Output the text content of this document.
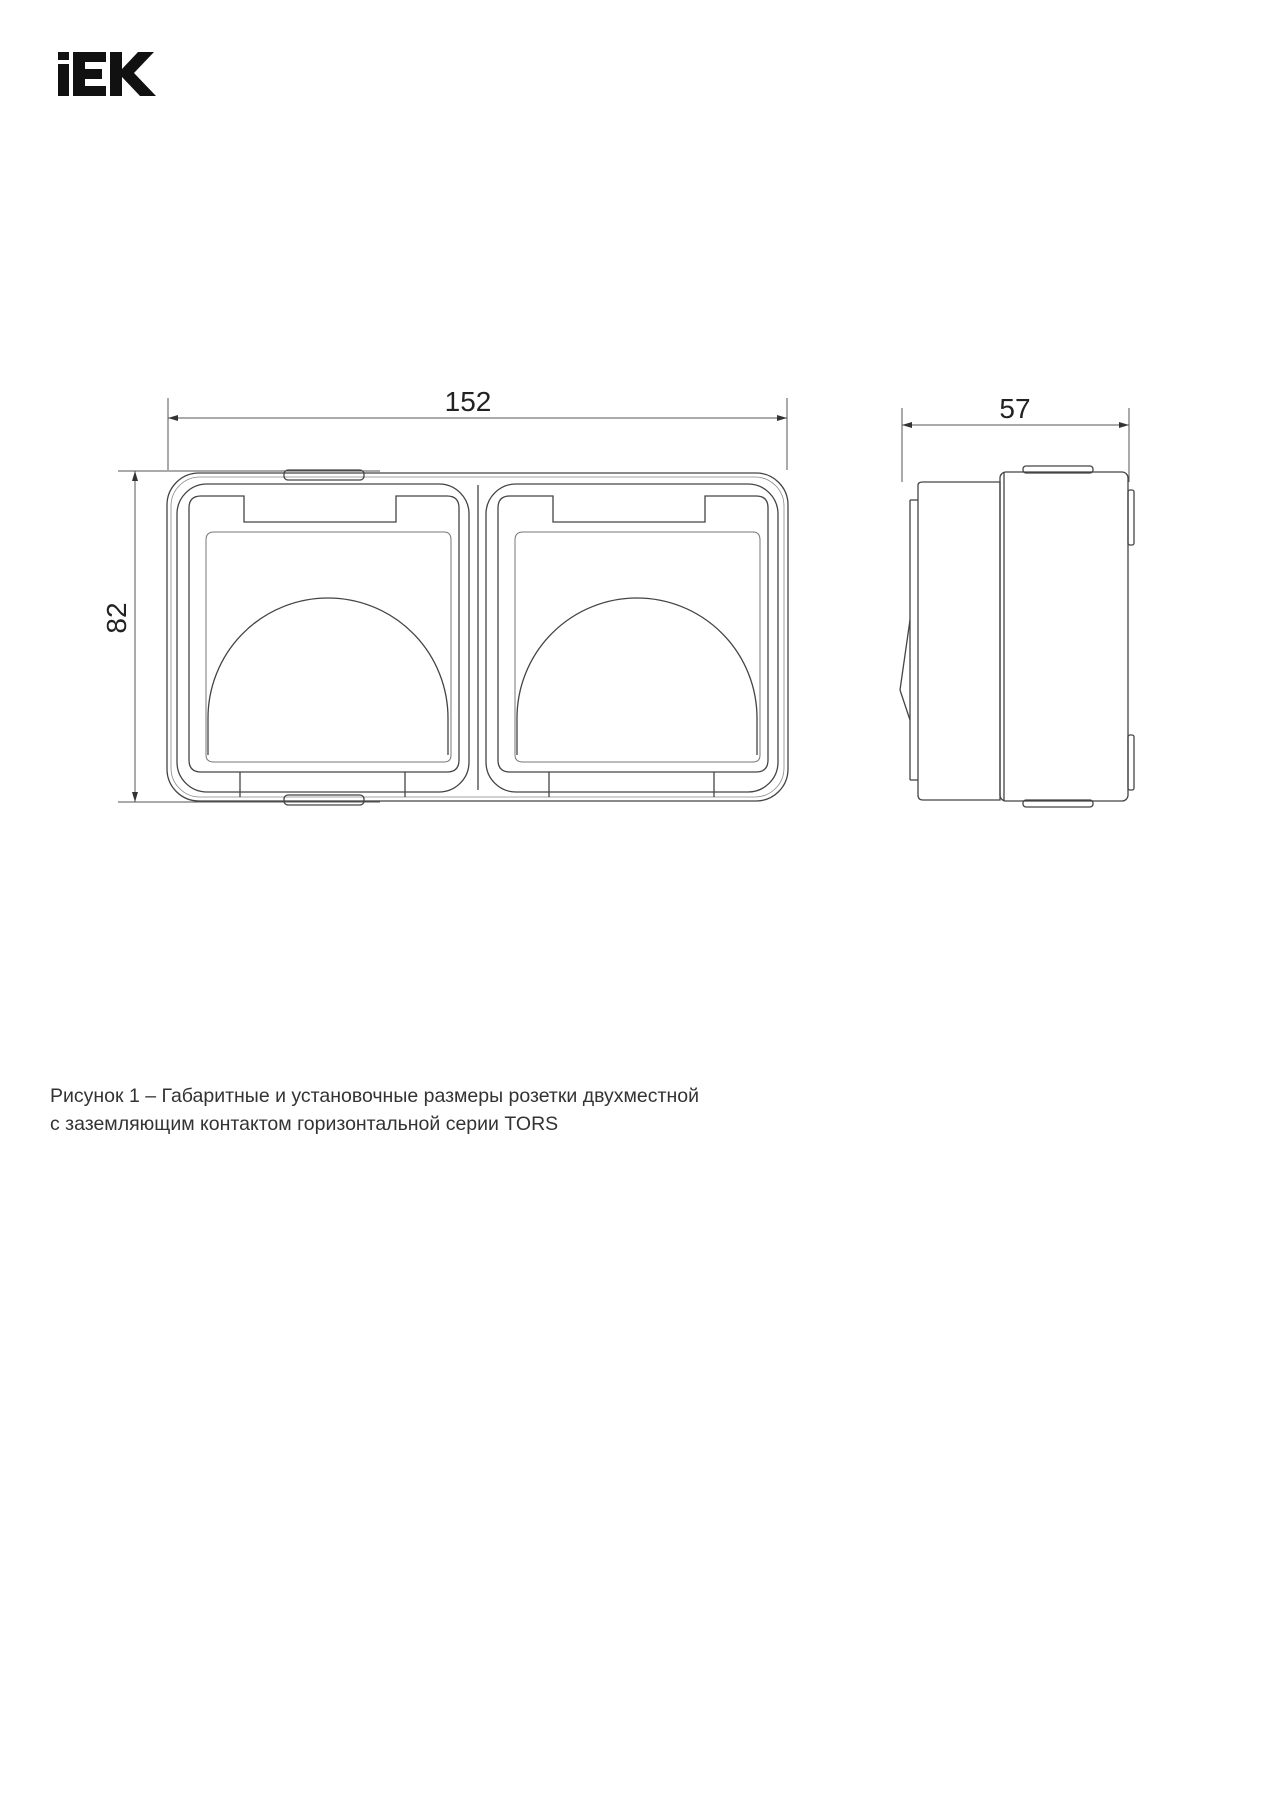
152	57
82
Рисунок 1 – Габаритные и установочные размеры розетки двухместной
с заземляющим контактом горизонтальной серии TORS
